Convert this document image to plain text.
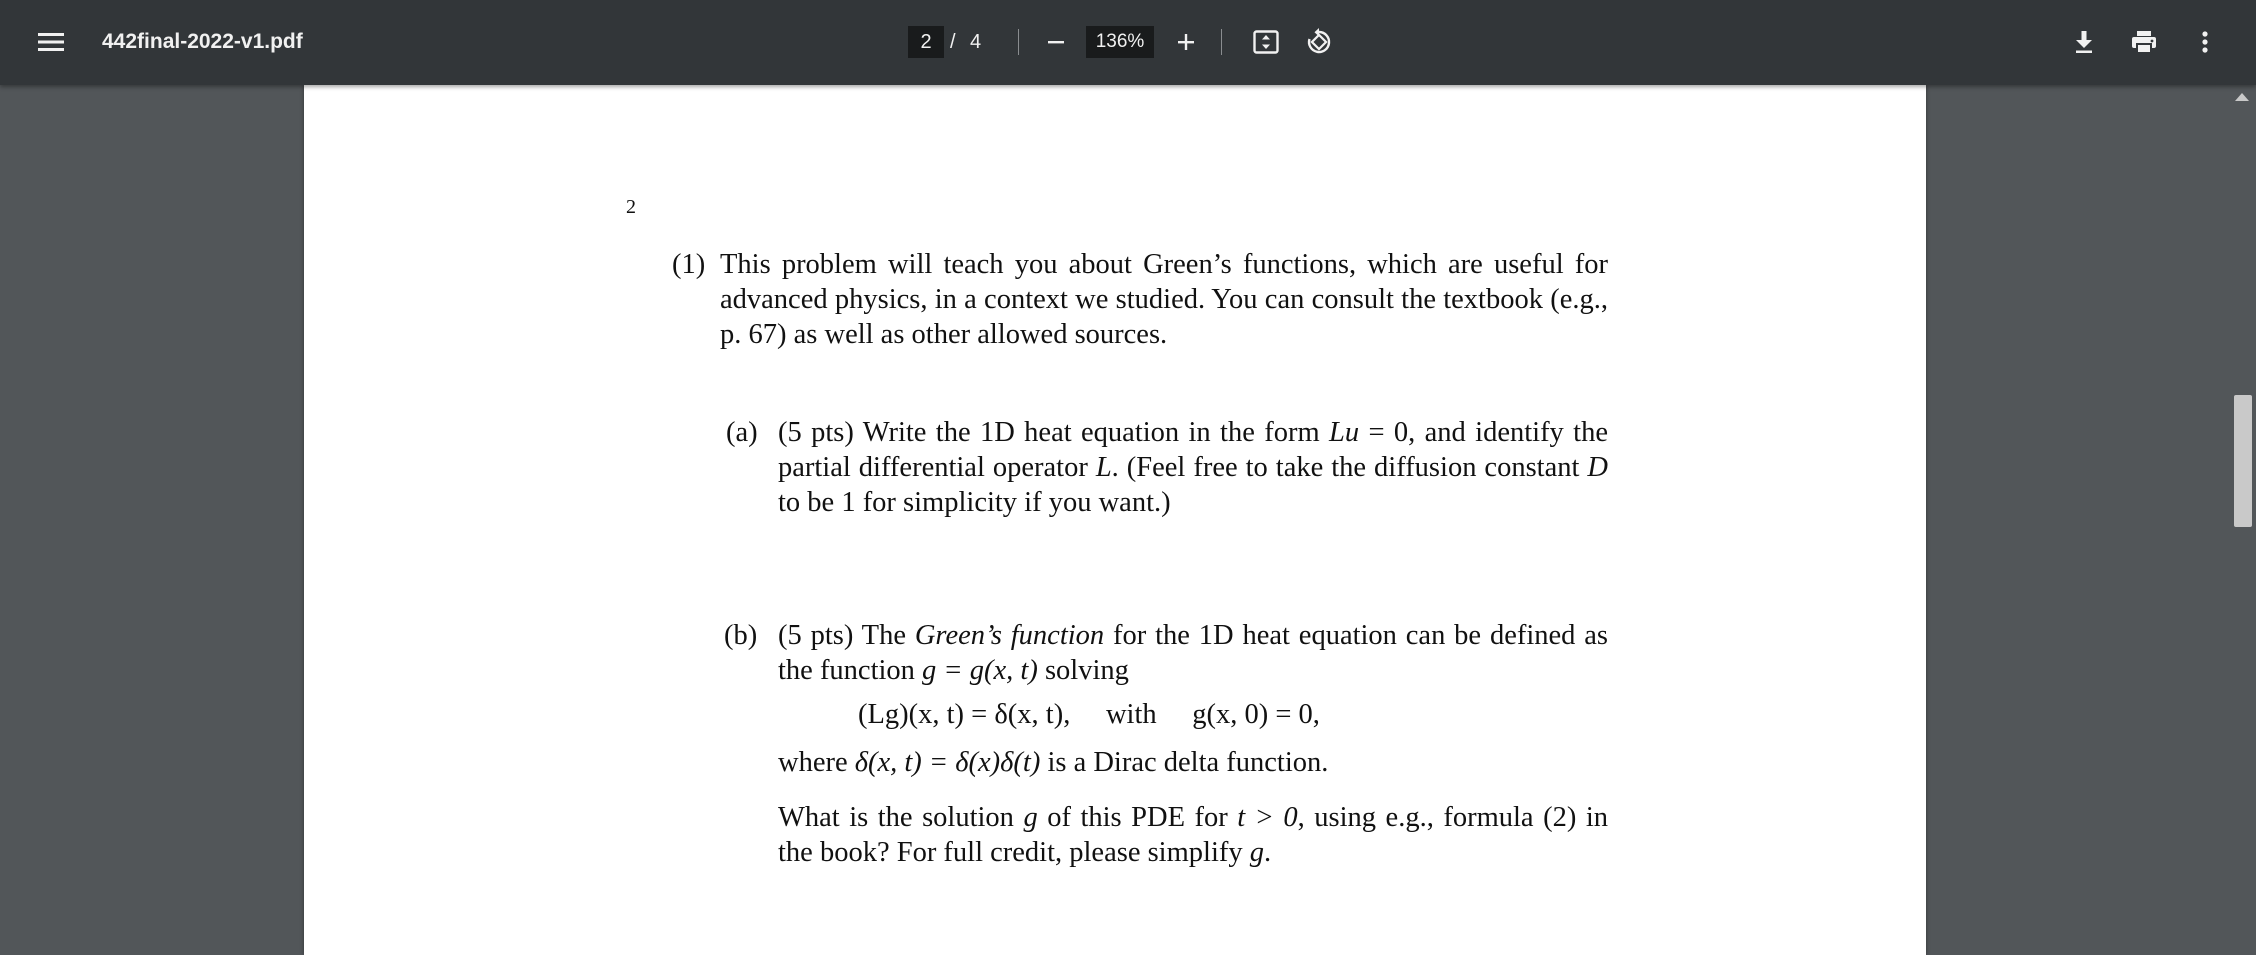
442final-2022-v1.pdf	2 / 4	136%
2
(1) This problem will teach you about Green’s functions, which are useful for advanced physics, in a context we studied. You can consult the textbook (e.g., p. 67) as well as other allowed sources.
(a) (5 pts) Write the 1D heat equation in the form Lu = 0, and identify the partial differential operator L. (Feel free to take the diffusion constant D to be 1 for simplicity if you want.)
(b) (5 pts) The Green’s function for the 1D heat equation can be defined as the function g = g(x, t) solving
(Lg)(x, t) = δ(x, t),     with     g(x, 0) = 0,
where δ(x, t) = δ(x)δ(t) is a Dirac delta function.
What is the solution g of this PDE for t > 0, using e.g., formula (2) in the book? For full credit, please simplify g.
